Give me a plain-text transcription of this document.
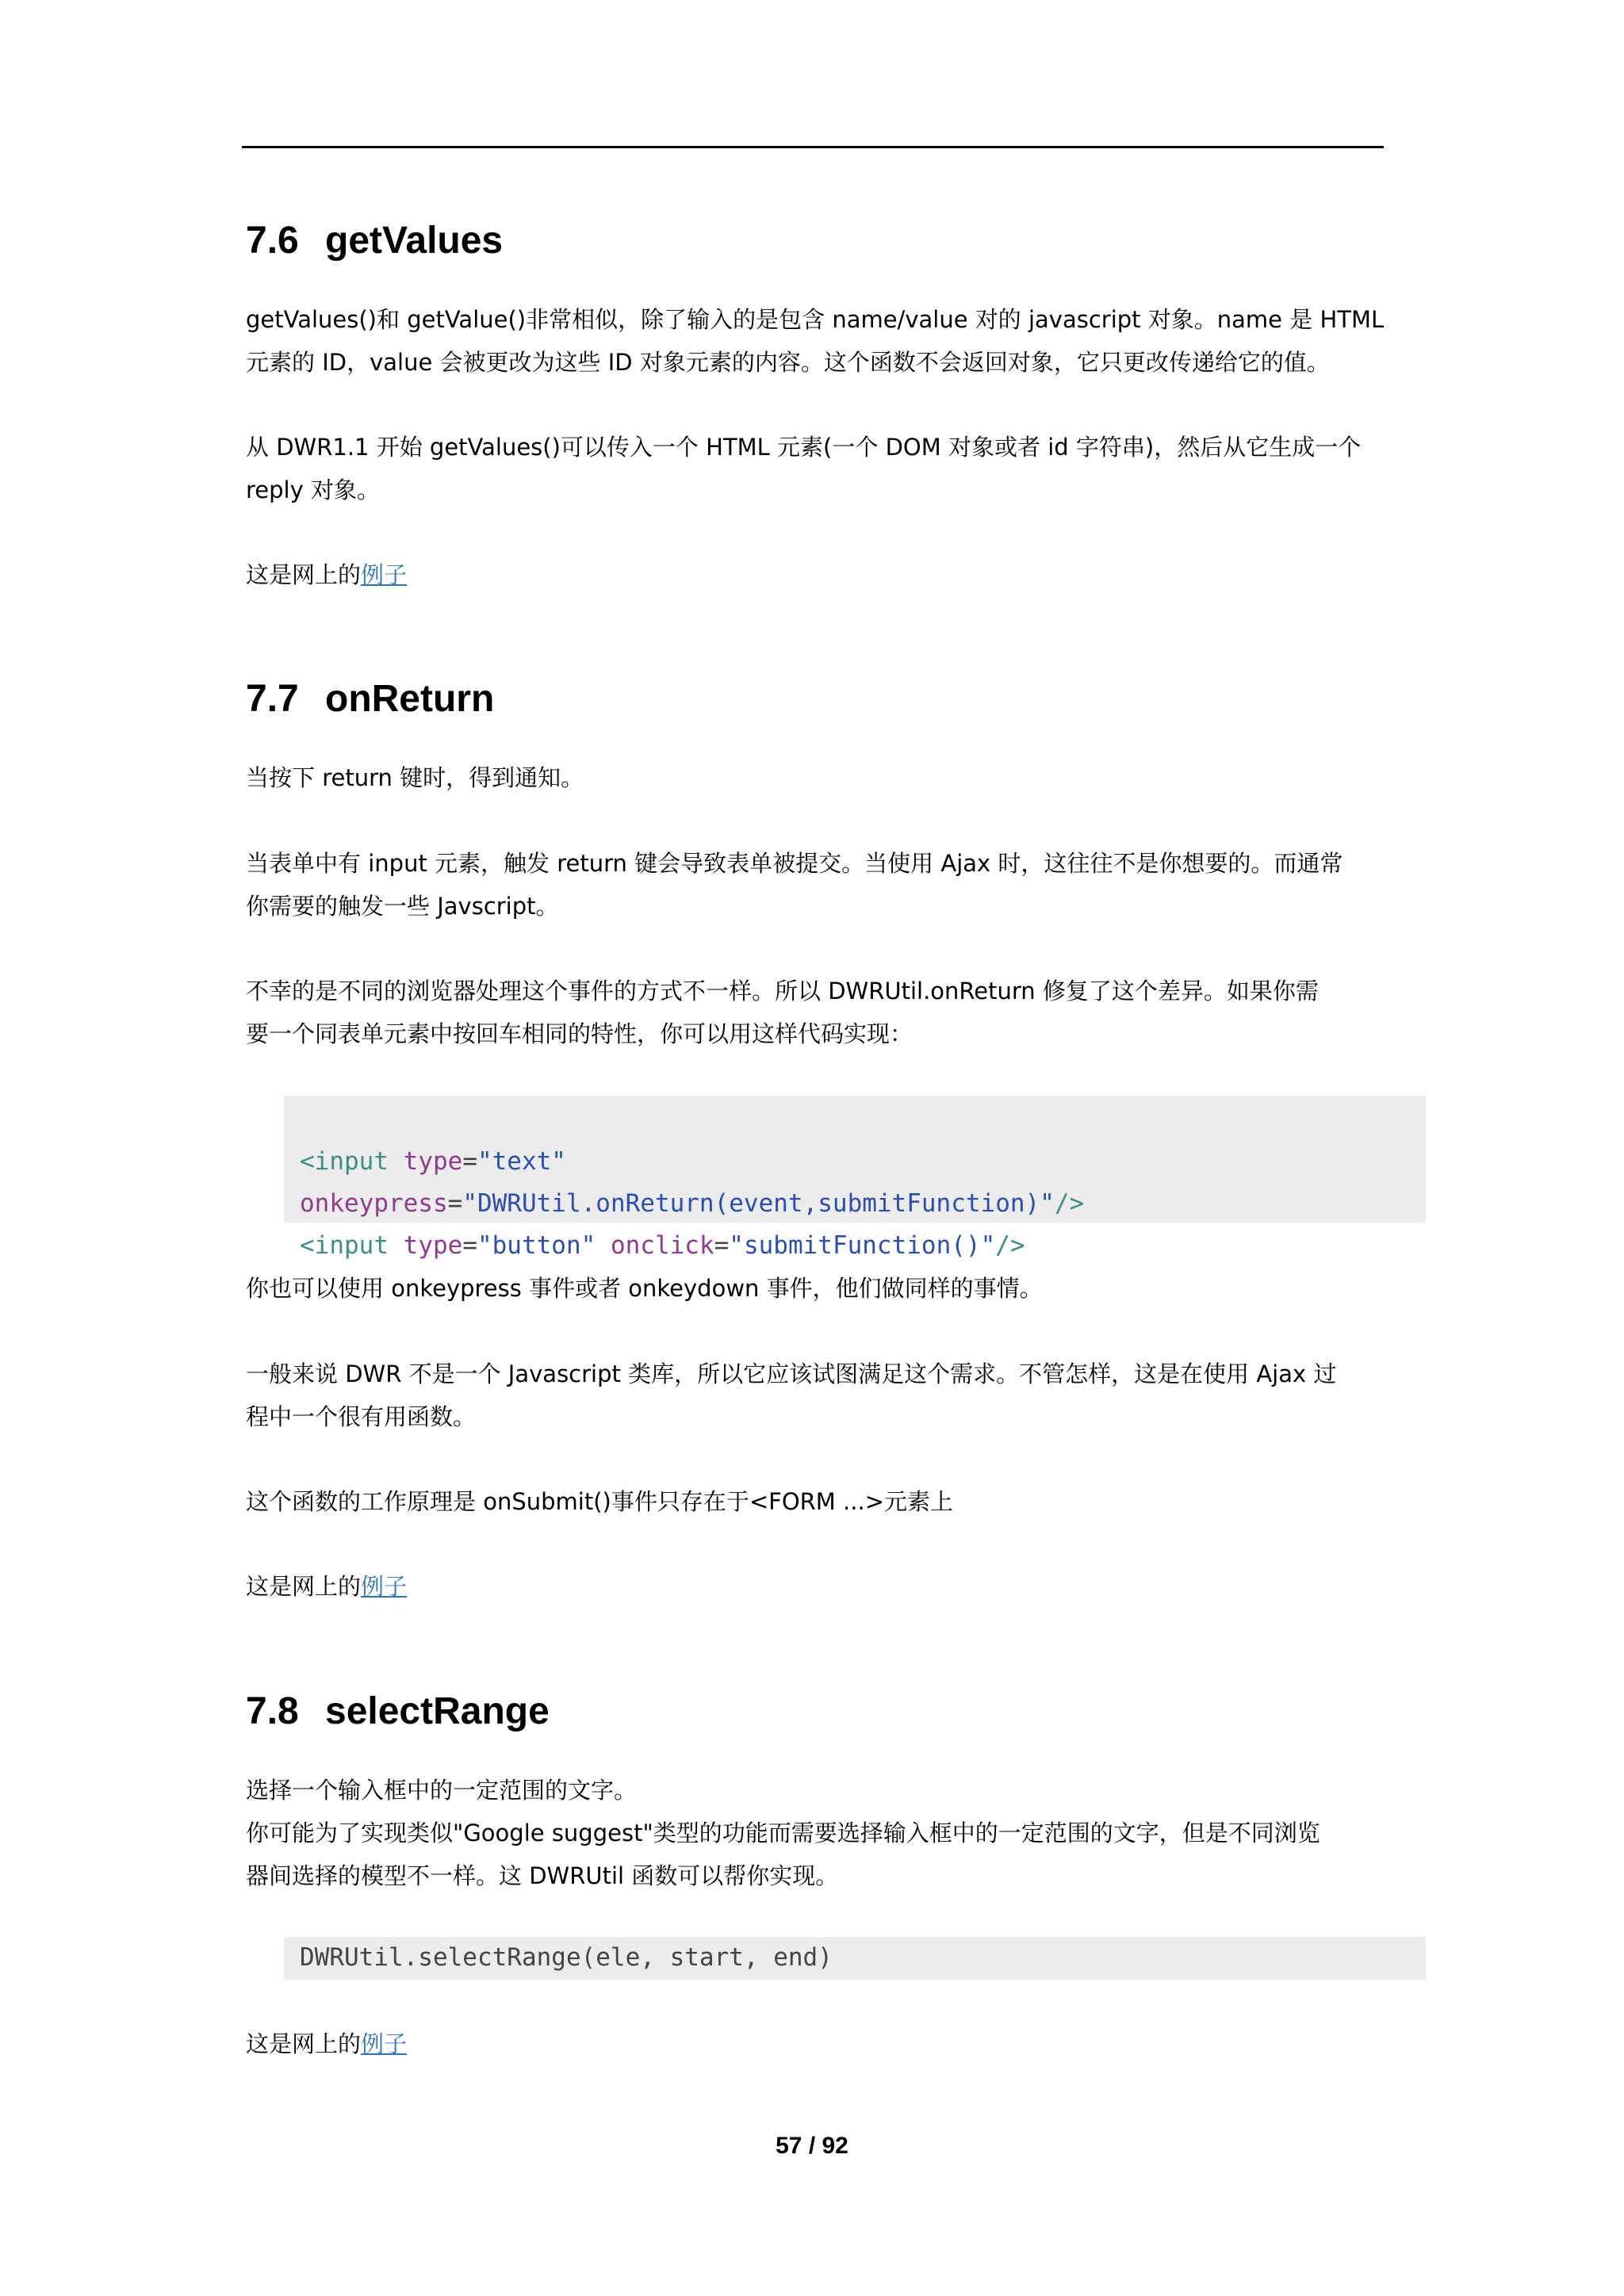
7.6 getValues
getValues()和 getValue()非常相似，除了输入的是包含 name/value 对的 javascript 对象。name 是 HTML
元素的 ID，value 会被更改为这些 ID 对象元素的内容。这个函数不会返回对象，它只更改传递给它的值。
从 DWR1.1 开始 getValues()可以传入一个 HTML 元素(一个 DOM 对象或者 id 字符串)，然后从它生成一个
reply 对象。
这是网上的例子
7.7 onReturn
当按下 return 键时，得到通知。
当表单中有 input 元素，触发 return 键会导致表单被提交。当使用 Ajax 时，这往往不是你想要的。而通常
你需要的触发一些 Javscript。
不幸的是不同的浏览器处理这个事件的方式不一样。所以 DWRUtil.onReturn 修复了这个差异。如果你需
要一个同表单元素中按回车相同的特性，你可以用这样代码实现：

<input type="text"
onkeypress="DWRUtil.onReturn(event,submitFunction)"/>
<input type="button" onclick="submitFunction()"/>

你也可以使用 onkeypress 事件或者 onkeydown 事件，他们做同样的事情。
一般来说 DWR 不是一个 Javascript 类库，所以它应该试图满足这个需求。不管怎样，这是在使用 Ajax 过
程中一个很有用函数。
这个函数的工作原理是 onSubmit()事件只存在于<FORM ...>元素上
这是网上的例子
7.8 selectRange
选择一个输入框中的一定范围的文字。
你可能为了实现类似"Google suggest"类型的功能而需要选择输入框中的一定范围的文字，但是不同浏览
器间选择的模型不一样。这 DWRUtil 函数可以帮你实现。
DWRUtil.selectRange(ele, start, end)
这是网上的例子
57 / 92
